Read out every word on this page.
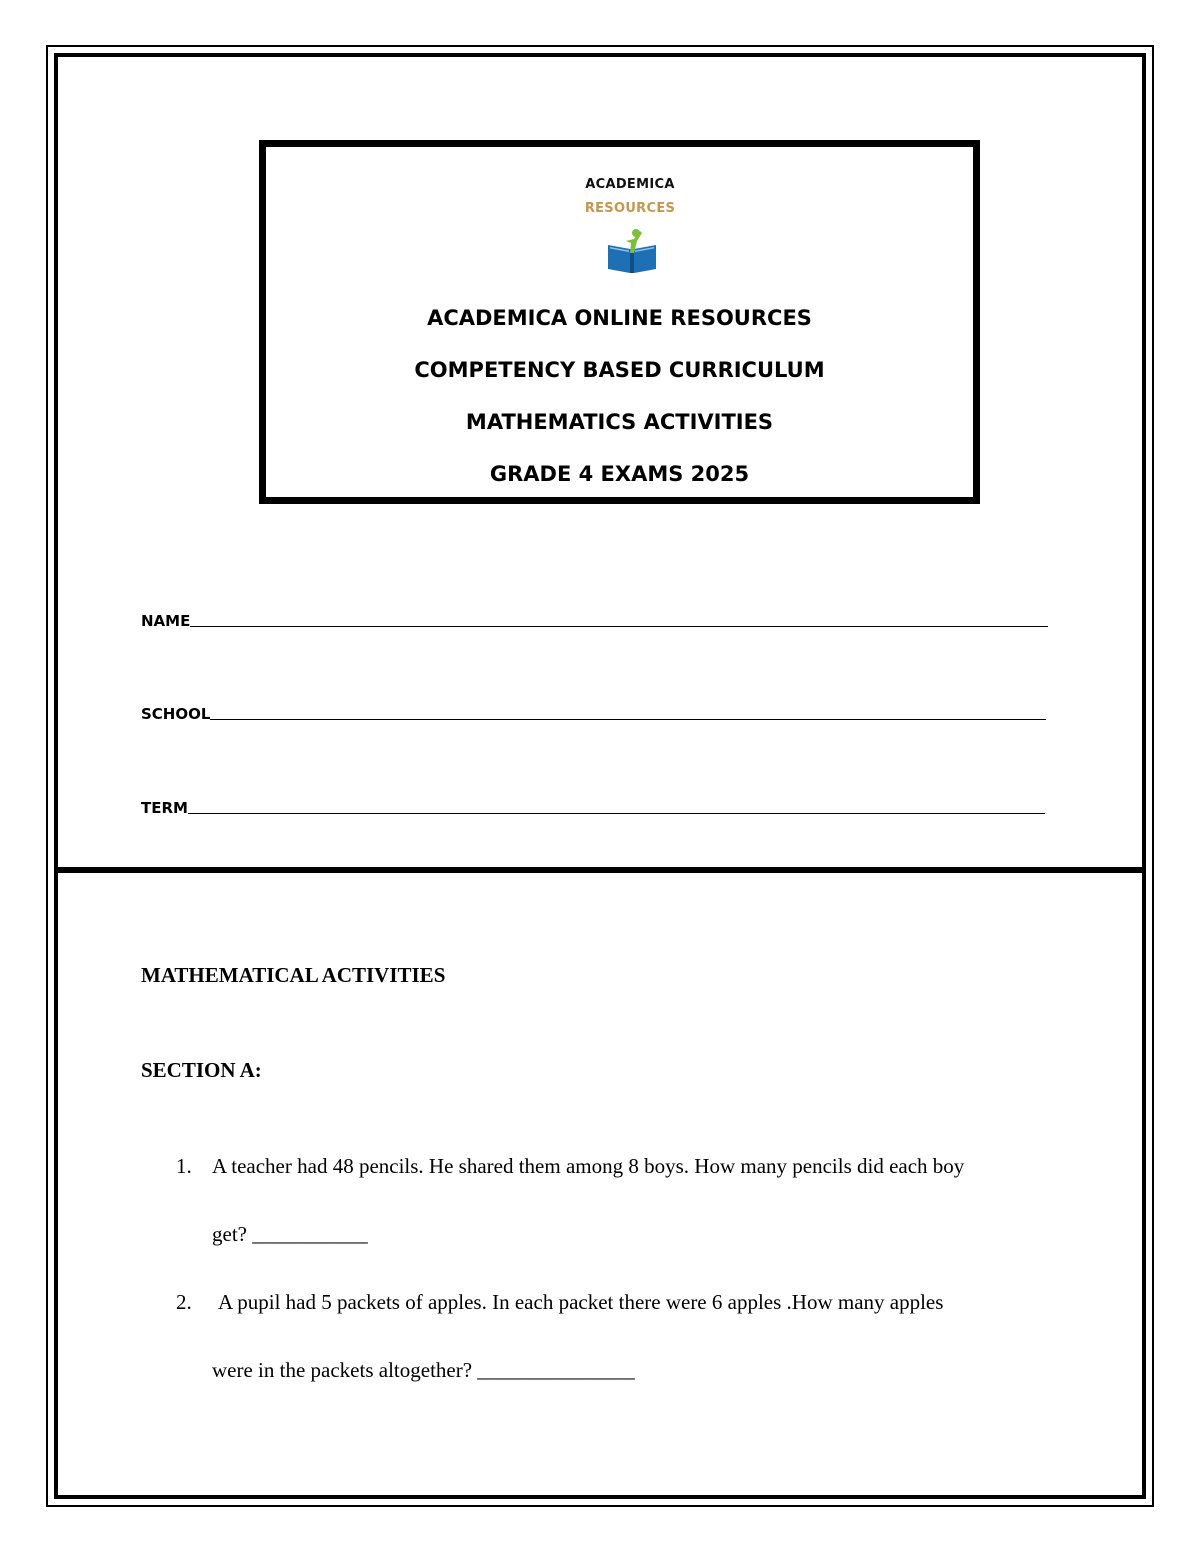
ACADEMICA
RESOURCES
ACADEMICA ONLINE RESOURCES
COMPETENCY BASED CURRICULUM
MATHEMATICS ACTIVITIES
GRADE 4 EXAMS 2025
NAME
SCHOOL
TERM
MATHEMATICAL ACTIVITIES
SECTION A:
1. A teacher had 48 pencils. He shared them among 8 boys. How many pencils did each boy
get? ___________
2. A pupil had 5 packets of apples. In each packet there were 6 apples .How many apples
were in the packets altogether? _______________
